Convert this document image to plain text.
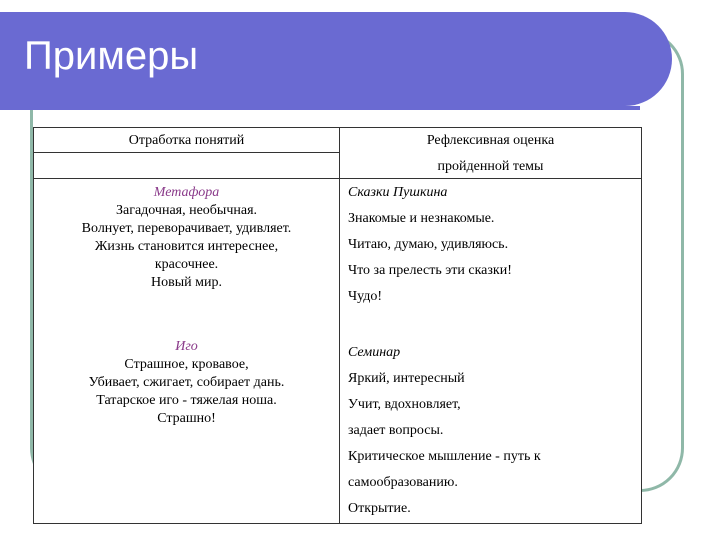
Примеры
Отработка понятий	Рефлексивная оценка
пройденной темы
Метафора
Загадочная, необычная.
Волнует, переворачивает, удивляет.
Жизнь становится интереснее,
красочнее.
Новый мир.
Иго
Страшное, кровавое,
Убивает, сжигает, собирает дань.
Татарское иго - тяжелая ноша.
Страшно!
Сказки Пушкина
Знакомые и незнакомые.
Читаю, думаю, удивляюсь.
Что за прелесть эти сказки!
Чудо!
Семинар
Яркий, интересный
Учит, вдохновляет,
задает вопросы.
Критическое мышление - путь к
самообразованию.
Открытие.
